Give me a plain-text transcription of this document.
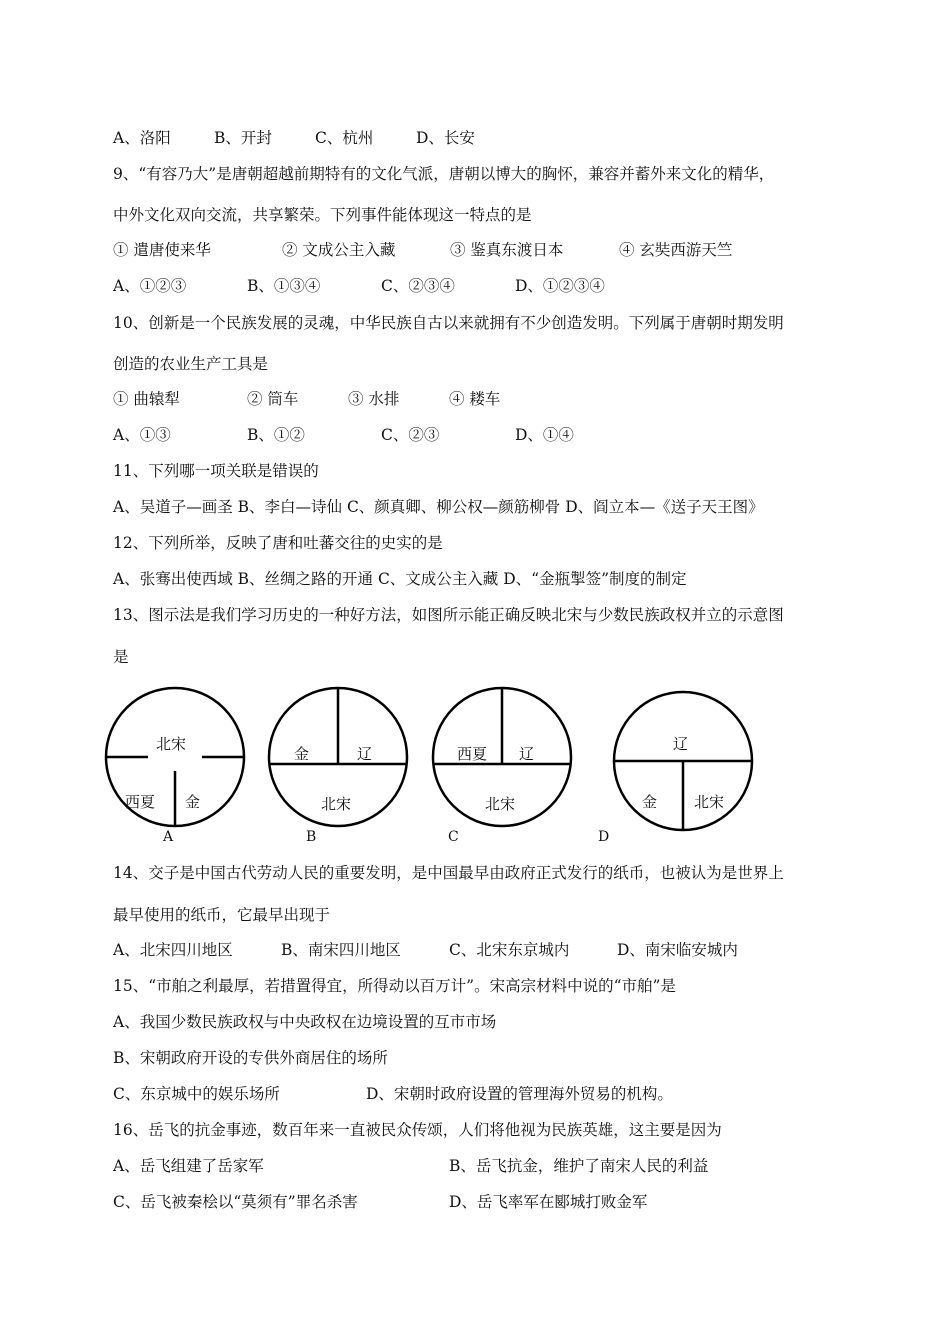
A、洛阳	B、开封	C、杭州	D、长安
9、“有容乃大”是唐朝超越前期特有的文化气派，唐朝以博大的胸怀，兼容并蓄外来文化的精华，
中外文化双向交流，共享繁荣。下列事件能体现这一特点的是
① 遣唐使来华	② 文成公主入藏	③ 鉴真东渡日本	④ 玄奘西游天竺
A、①②③	B、①③④	C、②③④	D、①②③④
10、创新是一个民族发展的灵魂，中华民族自古以来就拥有不少创造发明。下列属于唐朝时期发明
创造的农业生产工具是
① 曲辕犁	② 筒车	③ 水排	④ 耧车
A、①③	B、①②	C、②③	D、①④
11、下列哪一项关联是错误的
A、吴道子—画圣 B、李白—诗仙 C、颜真卿、柳公权—颜筋柳骨 D、阎立本—《送子天王图》
12、下列所举，反映了唐和吐蕃交往的史实的是
A、张骞出使西域 B、丝绸之路的开通 C、文成公主入藏 D、“金瓶掣签”制度的制定
13、图示法是我们学习历史的一种好方法，如图所示能正确反映北宋与少数民族政权并立的示意图
是
北宋
西夏 金
金	辽
北宋
西夏 辽
北宋
辽
金 北宋
A	B	C	D
14、交子是中国古代劳动人民的重要发明，是中国最早由政府正式发行的纸币，也被认为是世界上
最早使用的纸币，它最早出现于
A、北宋四川地区	B、南宋四川地区	C、北宋东京城内	D、南宋临安城内
15、“市舶之利最厚，若措置得宜，所得动以百万计”。宋高宗材料中说的“市舶”是
A、我国少数民族政权与中央政权在边境设置的互市市场
B、宋朝政府开设的专供外商居住的场所
C、东京城中的娱乐场所	D、宋朝时政府设置的管理海外贸易的机构。
16、岳飞的抗金事迹，数百年来一直被民众传颂，人们将他视为民族英雄，这主要是因为
A、岳飞组建了岳家军	B、岳飞抗金，维护了南宋人民的利益
C、岳飞被秦桧以“莫须有”罪名杀害	D、岳飞率军在郾城打败金军
